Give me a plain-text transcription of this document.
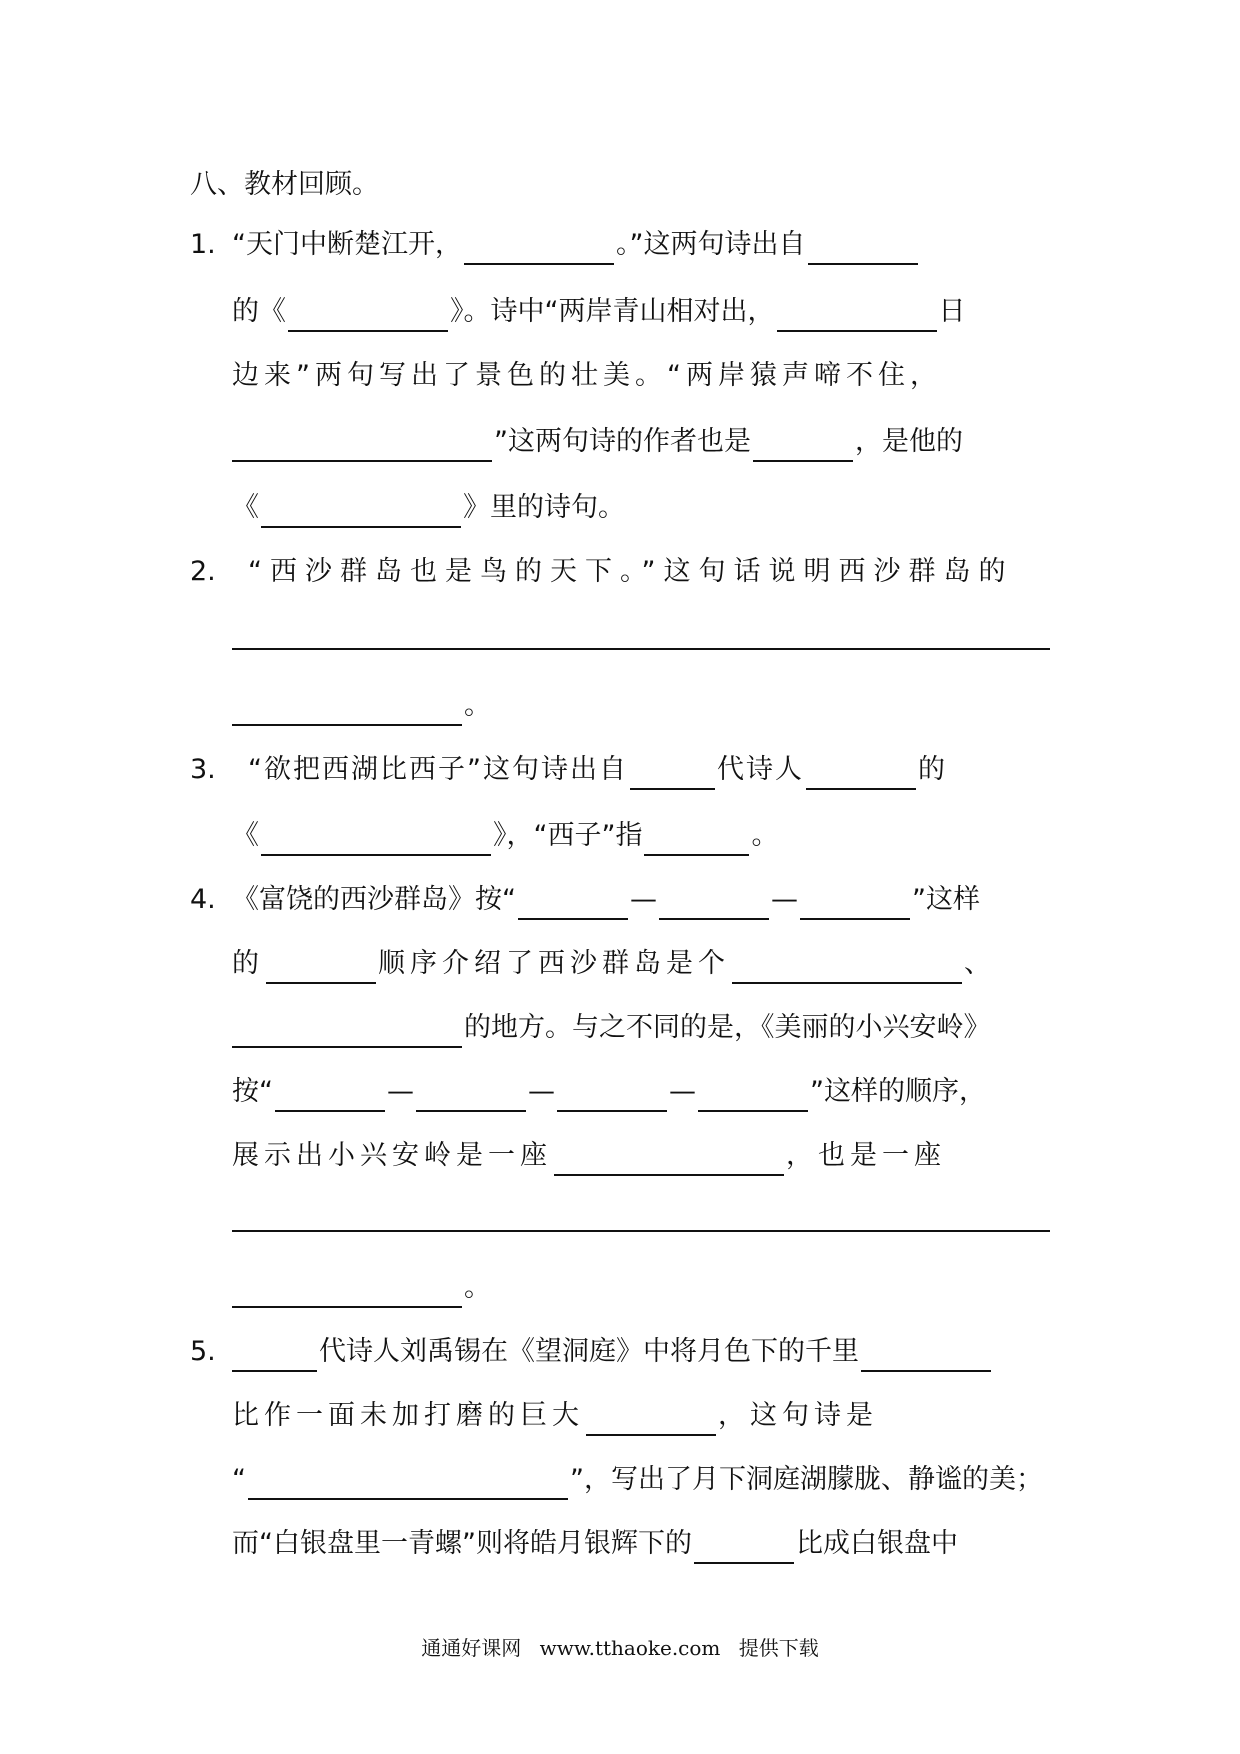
八、教材回顾。
1. “天门中断楚江开，	。”这两句诗出自
的《	》。诗中“两岸青山相对出，	日
边来”两句写出了景色的壮美。“两岸猿声啼不住，
”这两句诗的作者也是	，是他的
《	》里的诗句。
2. “西沙群岛也是鸟的天下。”这句话说明西沙群岛的
。
3. “欲把西湖比西子”这句诗出自	代诗人	的
《	》，“西子”指	。
4. 《富饶的西沙群岛》按“	—	—	”这样
的	顺序介绍了西沙群岛是个	、
的地方。与之不同的是，《美丽的小兴安岭》
按“	—	—	—	”这样的顺序，
展示出小兴安岭是一座	，也是一座
。
5.	代诗人刘禹锡在《望洞庭》中将月色下的千里
比作一面未加打磨的巨大	，这句诗是
“	”，写出了月下洞庭湖朦胧、静谧的美；
而“白银盘里一青螺”则将皓月银辉下的	比成白银盘中
通通好课网 www.tthaoke.com 提供下载
